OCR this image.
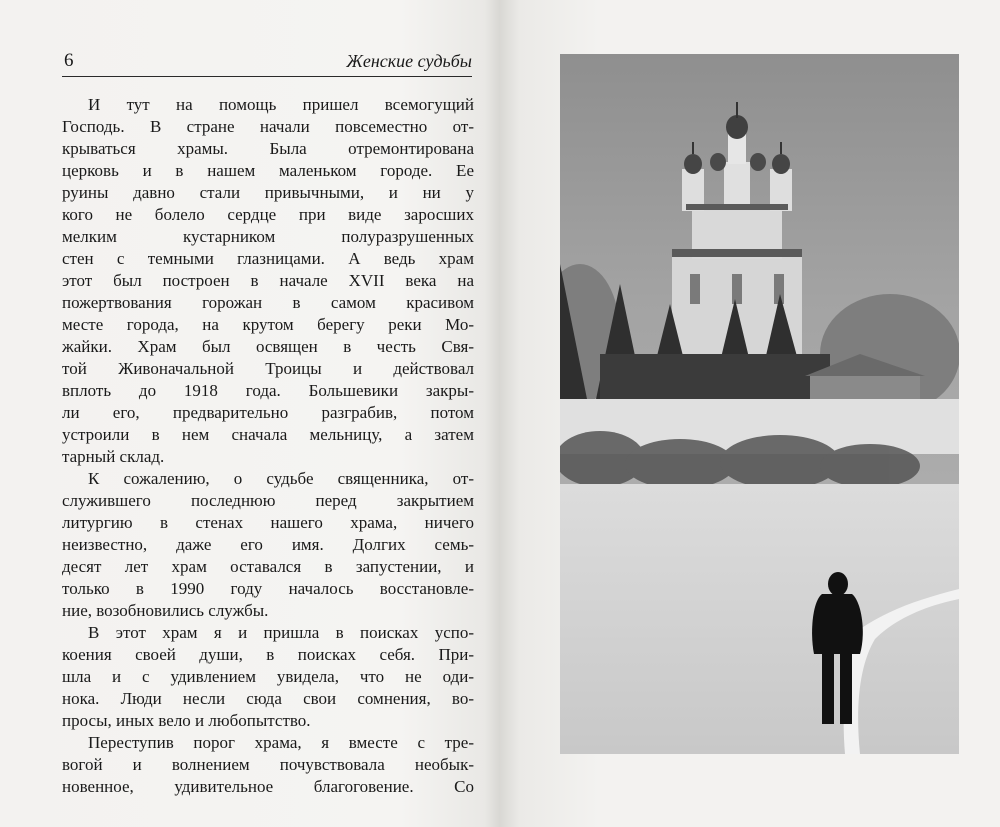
6	Женские судьбы
И тут на помощь пришел всемогущий
Господь. В стране начали повсеместно от-
крываться храмы. Была отремонтирована
церковь и в нашем маленьком городе. Ее
руины давно стали привычными, и ни у
кого не болело сердце при виде заросших
мелким кустарником полуразрушенных
стен с темными глазницами. А ведь храм
этот был построен в начале XVII века на
пожертвования горожан в самом красивом
месте города, на крутом берегу реки Мо-
жайки. Храм был освящен в честь Свя-
той Живоначальной Троицы и действовал
вплоть до 1918 года. Большевики закры-
ли его, предварительно разграбив, потом
устроили в нем сначала мельницу, а затем
тарный склад.
К сожалению, о судьбе священника, от-
служившего последнюю перед закрытием
литургию в стенах нашего храма, ничего
неизвестно, даже его имя. Долгих семь-
десят лет храм оставался в запустении, и
только в 1990 году началось восстановле-
ние, возобновились службы.
В этот храм я и пришла в поисках успо-
коения своей души, в поисках себя. При-
шла и с удивлением увидела, что не оди-
нока. Люди несли сюда свои сомнения, во-
просы, иных вело и любопытство.
Переступив порог храма, я вместе с тре-
вогой и волнением почувствовала необык-
новенное, удивительное благоговение. Со
